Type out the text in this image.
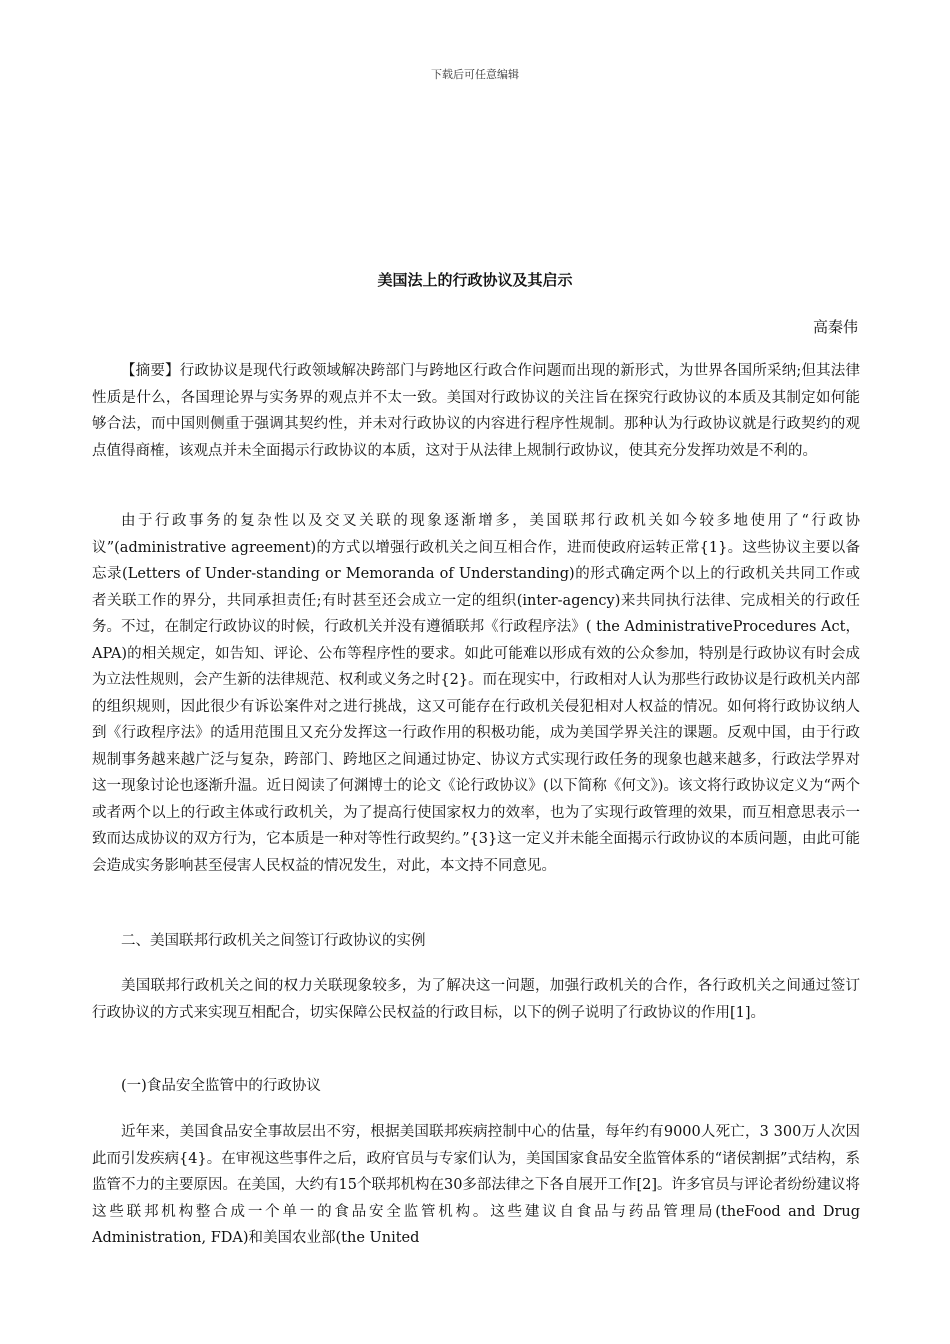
下载后可任意编辑
美国法上的行政协议及其启示
高秦伟

【摘要】行政协议是现代行政领域解决跨部门与跨地区行政合作问题而出现的新形式，为世界各国所采纳;但其法律性质是什么，各国理论界与实务界的观点并不太一致。美国对行政协议的关注旨在探究行政协议的本质及其制定如何能够合法，而中国则侧重于强调其契约性，并未对行政协议的内容进行程序性规制。那种认为行政协议就是行政契约的观点值得商榷，该观点并未全面揭示行政协议的本质，这对于从法律上规制行政协议，使其充分发挥功效是不利的。

由于行政事务的复杂性以及交叉关联的现象逐渐增多，美国联邦行政机关如今较多地使用了“行政协议”(administrative agreement)的方式以增强行政机关之间互相合作，进而使政府运转正常{1}。这些协议主要以备忘录(Letters of Under-standing or Memoranda of Understanding)的形式确定两个以上的行政机关共同工作或者关联工作的界分，共同承担责任;有时甚至还会成立一定的组织(inter-agency)来共同执行法律、完成相关的行政任务。不过，在制定行政协议的时候，行政机关并没有遵循联邦《行政程序法》( the AdministrativeProcedures Act，APA)的相关规定，如告知、评论、公布等程序性的要求。如此可能难以形成有效的公众参加，特别是行政协议有时会成为立法性规则，会产生新的法律规范、权利或义务之时{2}。而在现实中，行政相对人认为那些行政协议是行政机关内部的组织规则，因此很少有诉讼案件对之进行挑战，这又可能存在行政机关侵犯相对人权益的情况。如何将行政协议纳人到《行政程序法》的适用范围且又充分发挥这一行政作用的积极功能，成为美国学界关注的课题。反观中国，由于行政规制事务越来越广泛与复杂，跨部门、跨地区之间通过协定、协议方式实现行政任务的现象也越来越多，行政法学界对这一现象讨论也逐渐升温。近日阅读了何渊博士的论文《论行政协议》(以下简称《何文》)。该文将行政协议定义为“两个或者两个以上的行政主体或行政机关，为了提高行使国家权力的效率，也为了实现行政管理的效果，而互相意思表示一致而达成协议的双方行为，它本质是一种对等性行政契约。”{3}这一定义并未能全面揭示行政协议的本质问题，由此可能会造成实务影响甚至侵害人民权益的情况发生，对此，本文持不同意见。

二、美国联邦行政机关之间签订行政协议的实例

美国联邦行政机关之间的权力关联现象较多，为了解决这一问题，加强行政机关的合作，各行政机关之间通过签订行政协议的方式来实现互相配合，切实保障公民权益的行政目标，以下的例子说明了行政协议的作用[1]。

(一)食品安全监管中的行政协议

近年来，美国食品安全事故层出不穷，根据美国联邦疾病控制中心的估量，每年约有9000人死亡，3 300万人次因此而引发疾病{4}。在审视这些事件之后，政府官员与专家们认为，美国国家食品安全监管体系的“诸侯割据”式结构，系监管不力的主要原因。在美国，大约有15个联邦机构在30多部法律之下各自展开工作[2]。许多官员与评论者纷纷建议将这些联邦机构整合成一个单一的食品安全监管机构。这些建议自食品与药品管理局(theFood and Drug Administration, FDA)和美国农业部(the United
